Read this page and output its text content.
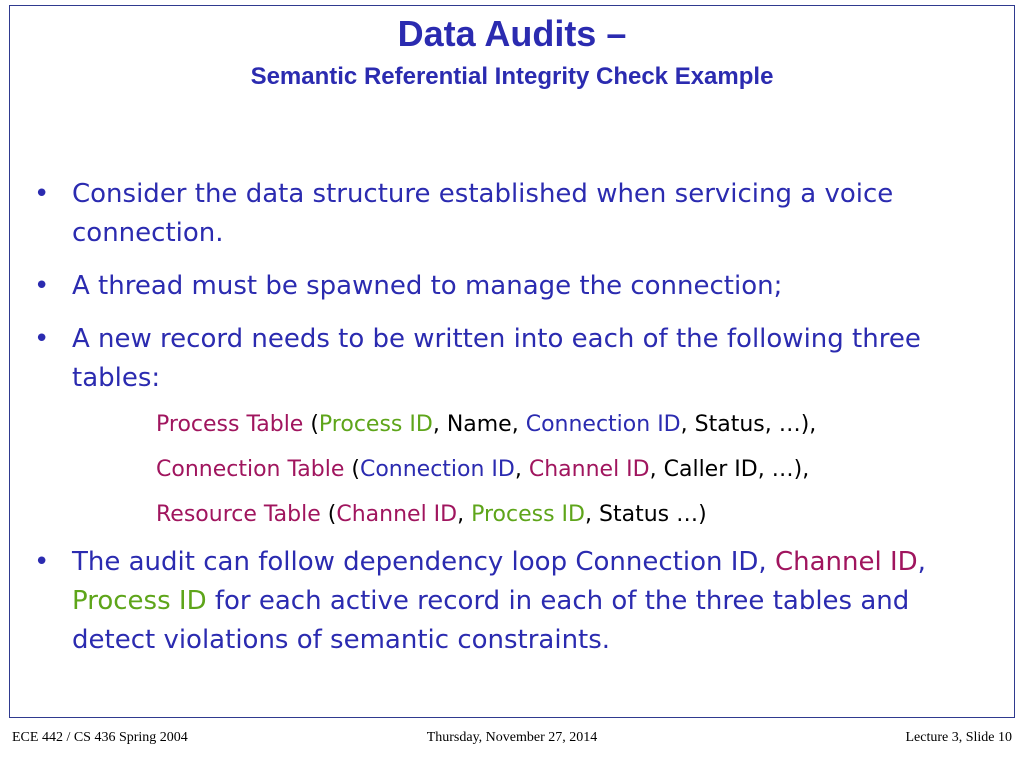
Data Audits –
Semantic Referential Integrity Check Example
• Consider the data structure established when servicing a voice connection.
• A thread must be spawned to manage the connection;
• A new record needs to be written into each of the following three tables:
Process Table (Process ID, Name, Connection ID, Status, …),
Connection Table (Connection ID, Channel ID, Caller ID, …),
Resource Table (Channel ID, Process ID, Status …)
• The audit can follow dependency loop Connection ID, Channel ID, Process ID for each active record in each of the three tables and detect violations of semantic constraints.
ECE 442 / CS 436 Spring 2004	Thursday, November 27, 2014	Lecture 3, Slide 10
